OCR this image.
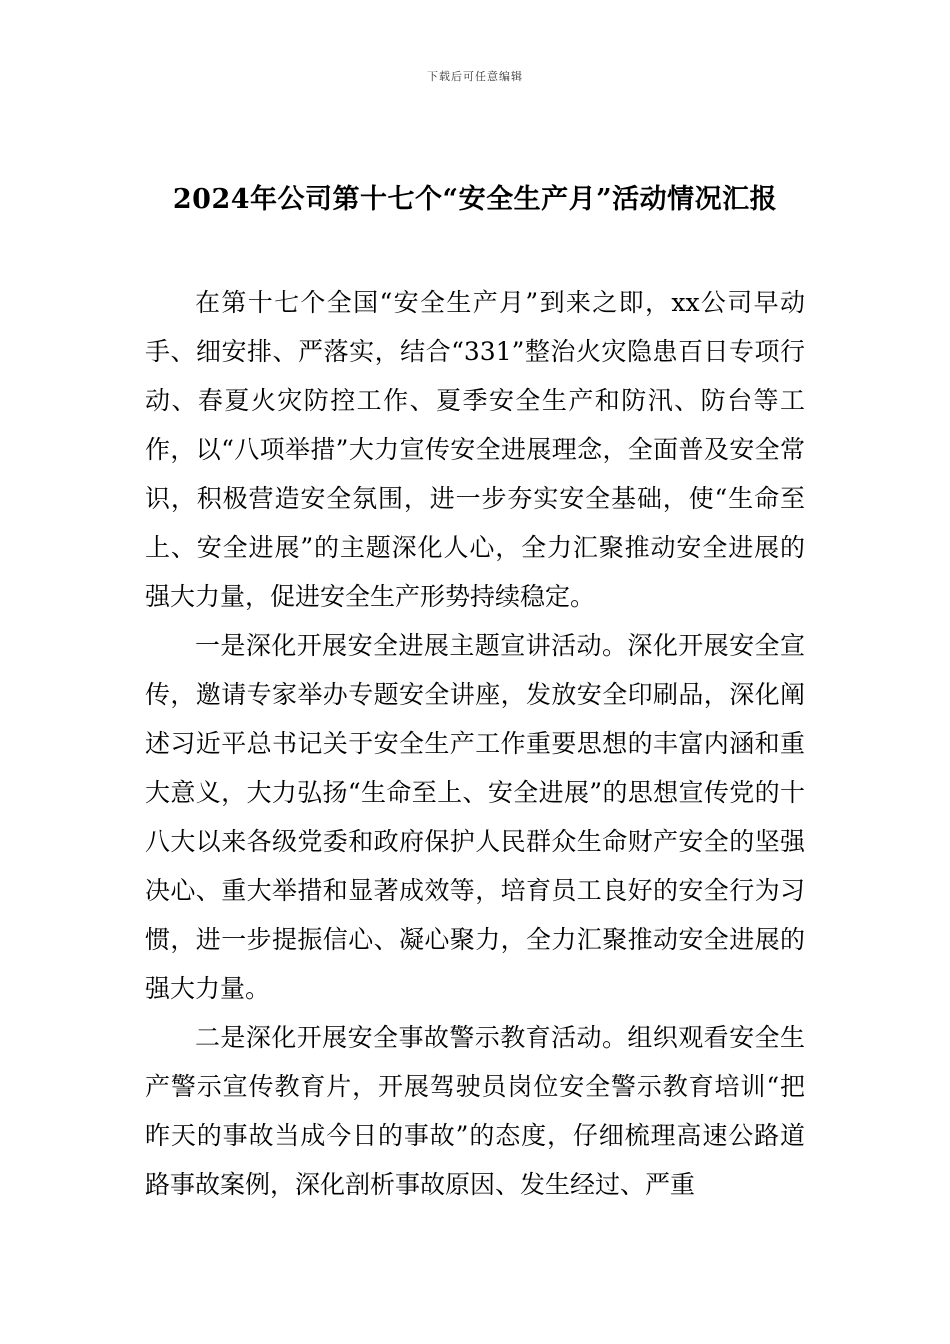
下载后可任意编辑
2024年公司第十七个“安全生产月”活动情况汇报

在第十七个全国“安全生产月”到来之即，xx公司早动手、细安排、严落实，结合“331”整治火灾隐患百日专项行动、春夏火灾防控工作、夏季安全生产和防汛、防台等工作，以“八项举措”大力宣传安全进展理念，全面普及安全常识，积极营造安全氛围，进一步夯实安全基础，使“生命至上、安全进展”的主题深化人心，全力汇聚推动安全进展的强大力量，促进安全生产形势持续稳定。

一是深化开展安全进展主题宣讲活动。深化开展安全宣传，邀请专家举办专题安全讲座，发放安全印刷品，深化阐述习近平总书记关于安全生产工作重要思想的丰富内涵和重大意义，大力弘扬“生命至上、安全进展”的思想宣传党的十八大以来各级党委和政府保护人民群众生命财产安全的坚强决心、重大举措和显著成效等，培育员工良好的安全行为习惯，进一步提振信心、凝心聚力，全力汇聚推动安全进展的强大力量。

二是深化开展安全事故警示教育活动。组织观看安全生产警示宣传教育片，开展驾驶员岗位安全警示教育培训“把昨天的事故当成今日的事故”的态度，仔细梳理高速公路道路事故案例，深化剖析事故原因、发生经过、严重
